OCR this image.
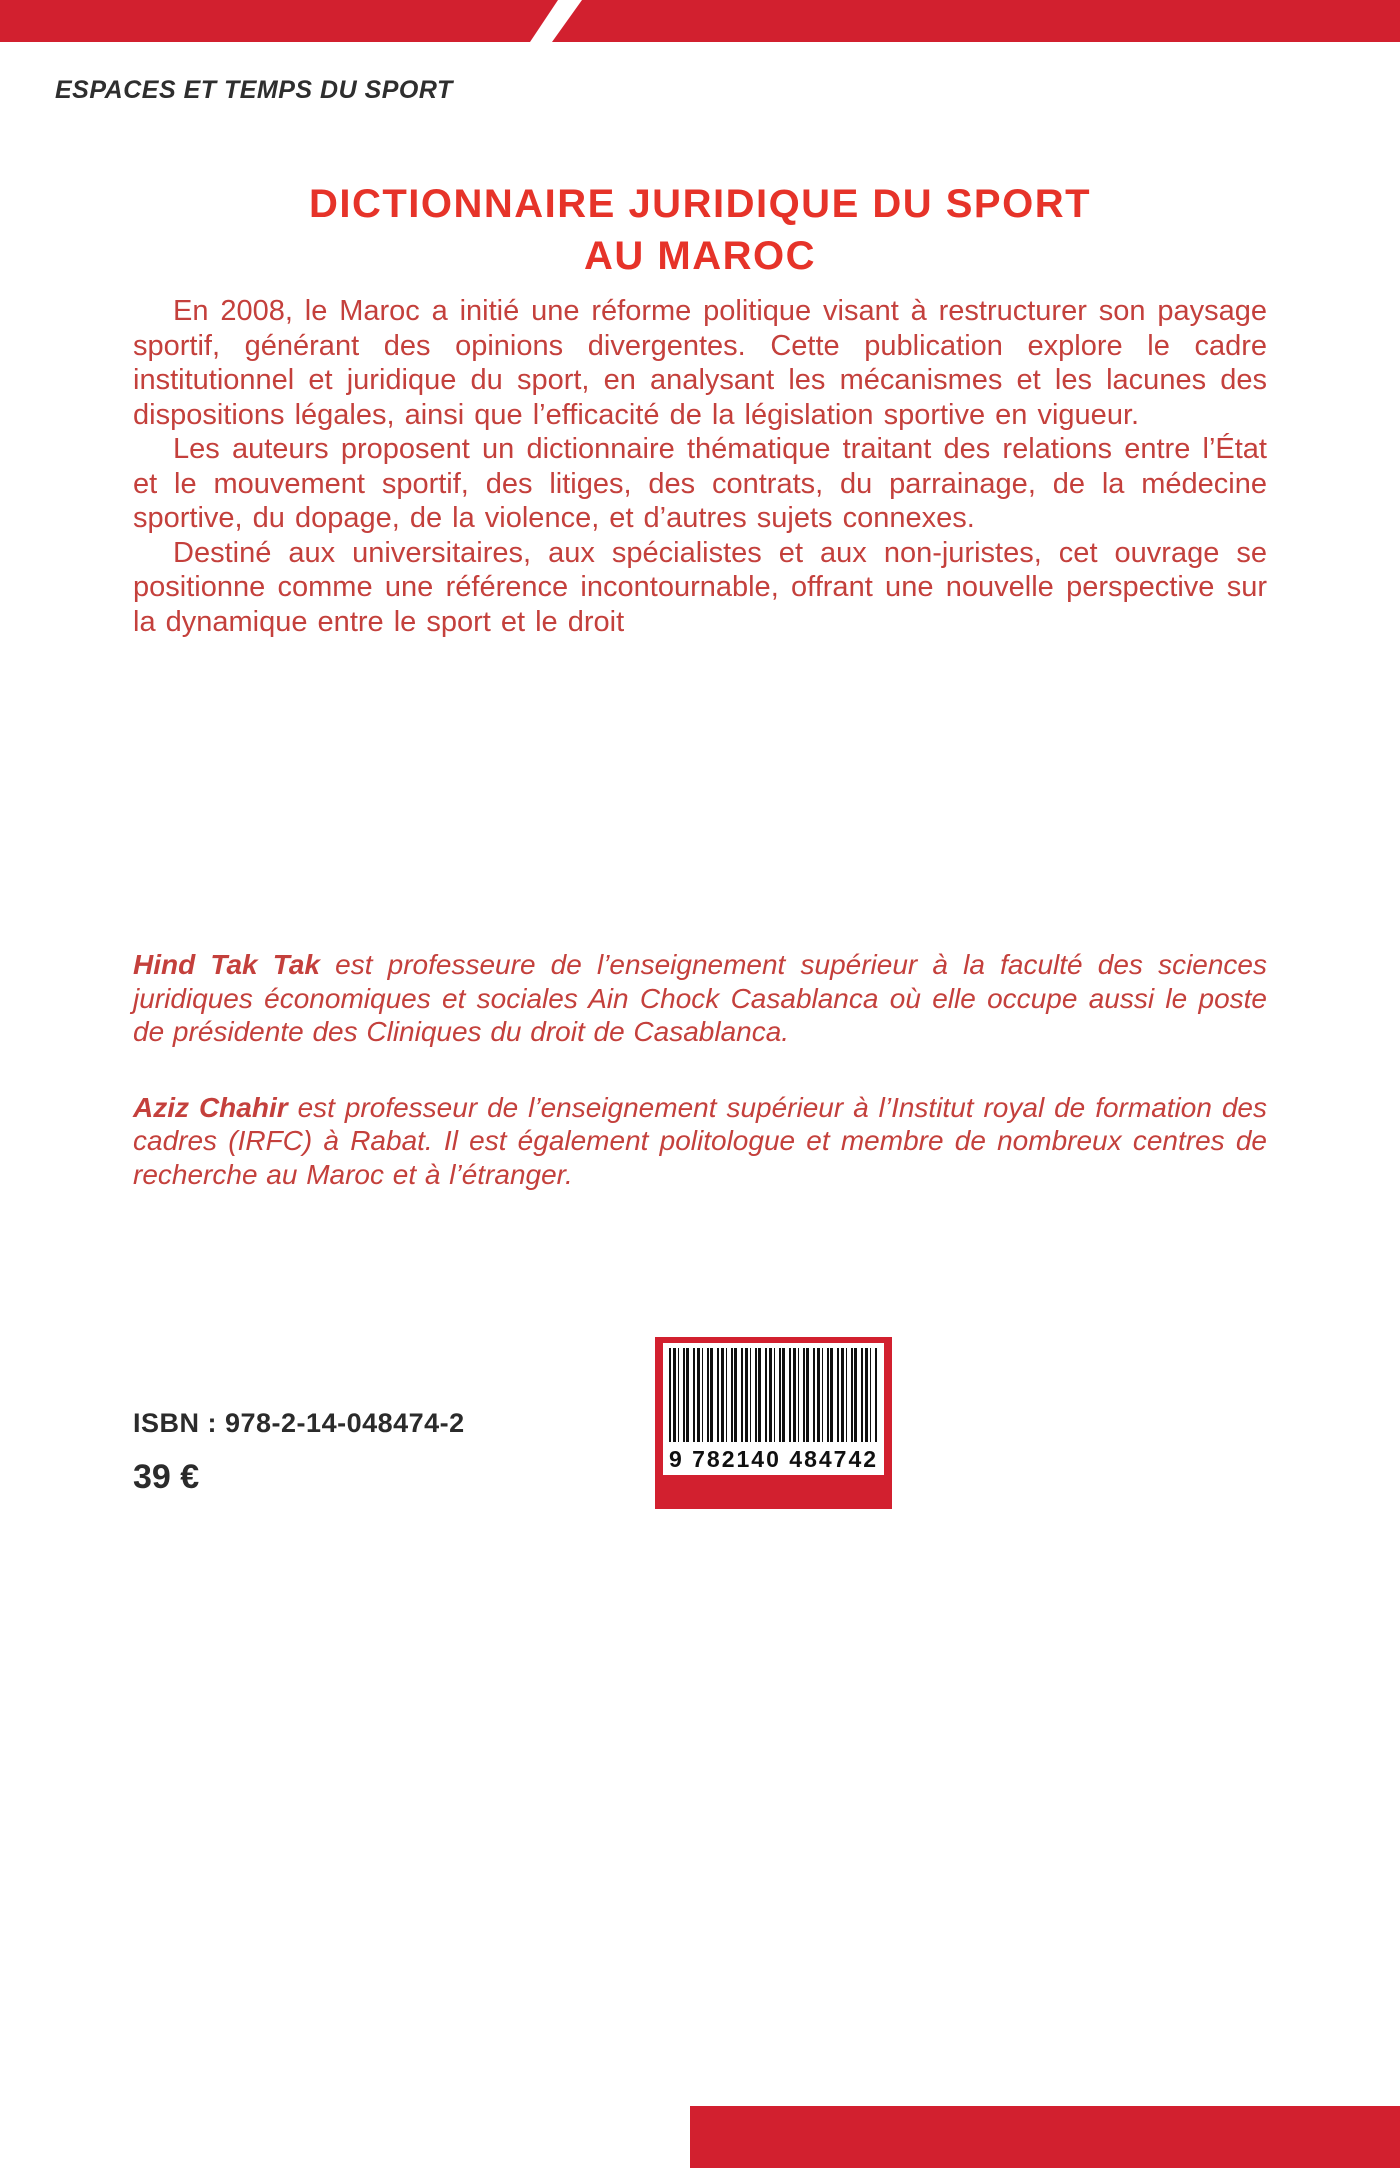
ESPACES ET TEMPS DU SPORT
DICTIONNAIRE JURIDIQUE DU SPORT
AU MAROC

En 2008, le Maroc a initié une réforme politique visant à restructurer son paysage sportif, générant des opinions divergentes. Cette publication explore le cadre institutionnel et juridique du sport, en analysant les mécanismes et les lacunes des dispositions légales, ainsi que l’efficacité de la législation sportive en vigueur.

Les auteurs proposent un dictionnaire thématique traitant des relations entre l’État et le mouvement sportif, des litiges, des contrats, du parrainage, de la médecine sportive, du dopage, de la violence, et d’autres sujets connexes.

Destiné aux universitaires, aux spécialistes et aux non-juristes, cet ouvrage se positionne comme une référence incontournable, offrant une nouvelle perspective sur la dynamique entre le sport et le droit

Hind Tak Tak est professeure de l’enseignement supérieur à la faculté des sciences juridiques économiques et sociales Ain Chock Casablanca où elle occupe aussi le poste de présidente des Cliniques du droit de Casablanca.

Aziz Chahir est professeur de l’enseignement supérieur à l’Institut royal de formation des cadres (IRFC) à Rabat. Il est également politologue et membre de nombreux centres de recherche au Maroc et à l’étranger.

ISBN : 978-2-14-048474-2
39 €	9 782140 484742
